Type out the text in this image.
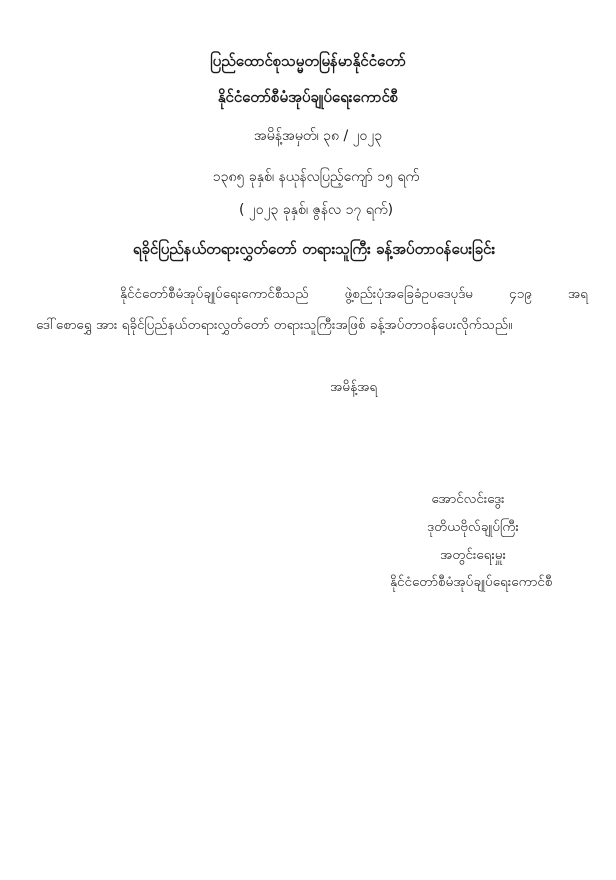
ပြည်ထောင်စုသမ္မတမြန်မာနိုင်ငံတော်
နိုင်ငံတော်စီမံအုပ်ချုပ်ရေးကောင်စီ
အမိန့်အမှတ်၊ ၃၈ / ၂၀၂၃
၁၃၈၅ ခုနှစ်၊ နယုန်လပြည့်ကျော် ၁၅ ရက်
( ၂၀၂၃ ခုနှစ်၊ ဇွန်လ ၁၇ ရက်)
ရခိုင်ပြည်နယ်တရားလွှတ်တော် တရားသူကြီး ခန့်အပ်တာဝန်ပေးခြင်း
နိုင်ငံတော်စီမံအုပ်ချုပ်ရေးကောင်စီသည် ဖွဲ့စည်းပုံအခြေခံဥပဒေပုဒ်မ ၄၁၉ အရ
ဒေါ်စောရွှေ အား ရခိုင်ပြည်နယ်တရားလွှတ်တော် တရားသူကြီးအဖြစ် ခန့်အပ်တာဝန်ပေးလိုက်သည်။
အမိန့်အရ
အောင်လင်းဒွေး
ဒုတိယဗိုလ်ချုပ်ကြီး
အတွင်းရေးမှူး
နိုင်ငံတော်စီမံအုပ်ချုပ်ရေးကောင်စီ
